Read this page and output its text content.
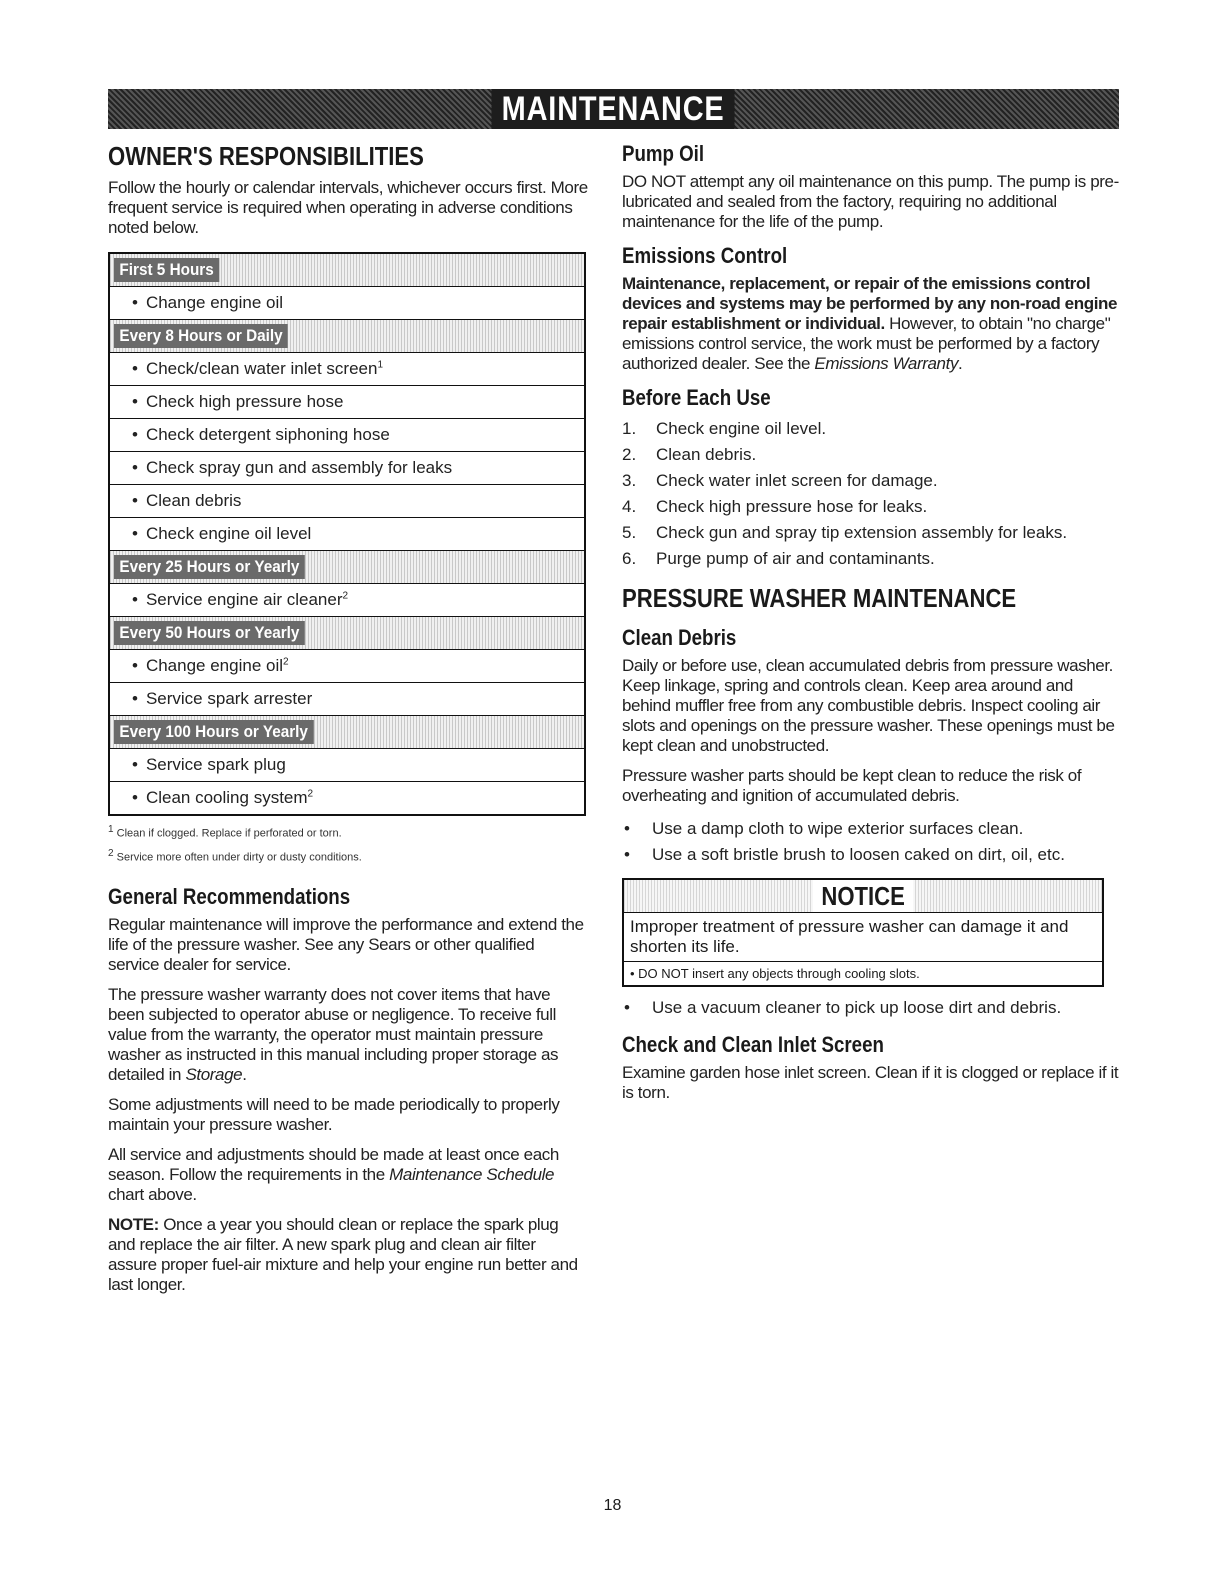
MAINTENANCE
OWNER'S RESPONSIBILITIES

Follow the hourly or calendar intervals, whichever occurs first. More frequent service is required when operating in adverse conditions noted below.

First 5 Hours
• Change engine oil
Every 8 Hours or Daily
• Check/clean water inlet screen$^1$
• Check high pressure hose
• Check detergent siphoning hose
• Check spray gun and assembly for leaks
• Clean debris
• Check engine oil level
Every 25 Hours or Yearly
• Service engine air cleaner$^2$
Every 50 Hours or Yearly
• Change engine oil$^2$
• Service spark arrester
Every 100 Hours or Yearly
• Service spark plug
• Clean cooling system$^2$
$^1$ Clean if clogged. Replace if perforated or torn.
$^2$ Service more often under dirty or dusty conditions.
General Recommendations

Regular maintenance will improve the performance and extend the life of the pressure washer. See any Sears or other qualified service dealer for service.

The pressure washer warranty does not cover items that have been subjected to operator abuse or negligence. To receive full value from the warranty, the operator must maintain pressure washer as instructed in this manual including proper storage as detailed in Storage.

Some adjustments will need to be made periodically to properly maintain your pressure washer.

All service and adjustments should be made at least once each season. Follow the requirements in the Maintenance Schedule chart above.

NOTE: Once a year you should clean or replace the spark plug and replace the air filter. A new spark plug and clean air filter assure proper fuel-air mixture and help your engine run better and last longer.

Pump Oil

DO NOT attempt any oil maintenance on this pump. The pump is pre-lubricated and sealed from the factory, requiring no additional maintenance for the life of the pump.

Emissions Control

Maintenance, replacement, or repair of the emissions control devices and systems may be performed by any non-road engine repair establishment or individual. However, to obtain "no charge" emissions control service, the work must be performed by a factory authorized dealer. See the Emissions Warranty.

Before Each Use
1. Check engine oil level.
2. Clean debris.
3. Check water inlet screen for damage.
4. Check high pressure hose for leaks.
5. Check gun and spray tip extension assembly for leaks.
6. Purge pump of air and contaminants.
PRESSURE WASHER MAINTENANCE
Clean Debris

Daily or before use, clean accumulated debris from pressure washer. Keep linkage, spring and controls clean. Keep area around and behind muffler free from any combustible debris. Inspect cooling air slots and openings on the pressure washer. These openings must be kept clean and unobstructed.

Pressure washer parts should be kept clean to reduce the risk of overheating and ignition of accumulated debris.

• Use a damp cloth to wipe exterior surfaces clean.
• Use a soft bristle brush to loosen caked on dirt, oil, etc.
NOTICE
Improper treatment of pressure washer can damage it and shorten its life.
• DO NOT insert any objects through cooling slots.
• Use a vacuum cleaner to pick up loose dirt and debris.
Check and Clean Inlet Screen

Examine garden hose inlet screen. Clean if it is clogged or replace if it is torn.

18
